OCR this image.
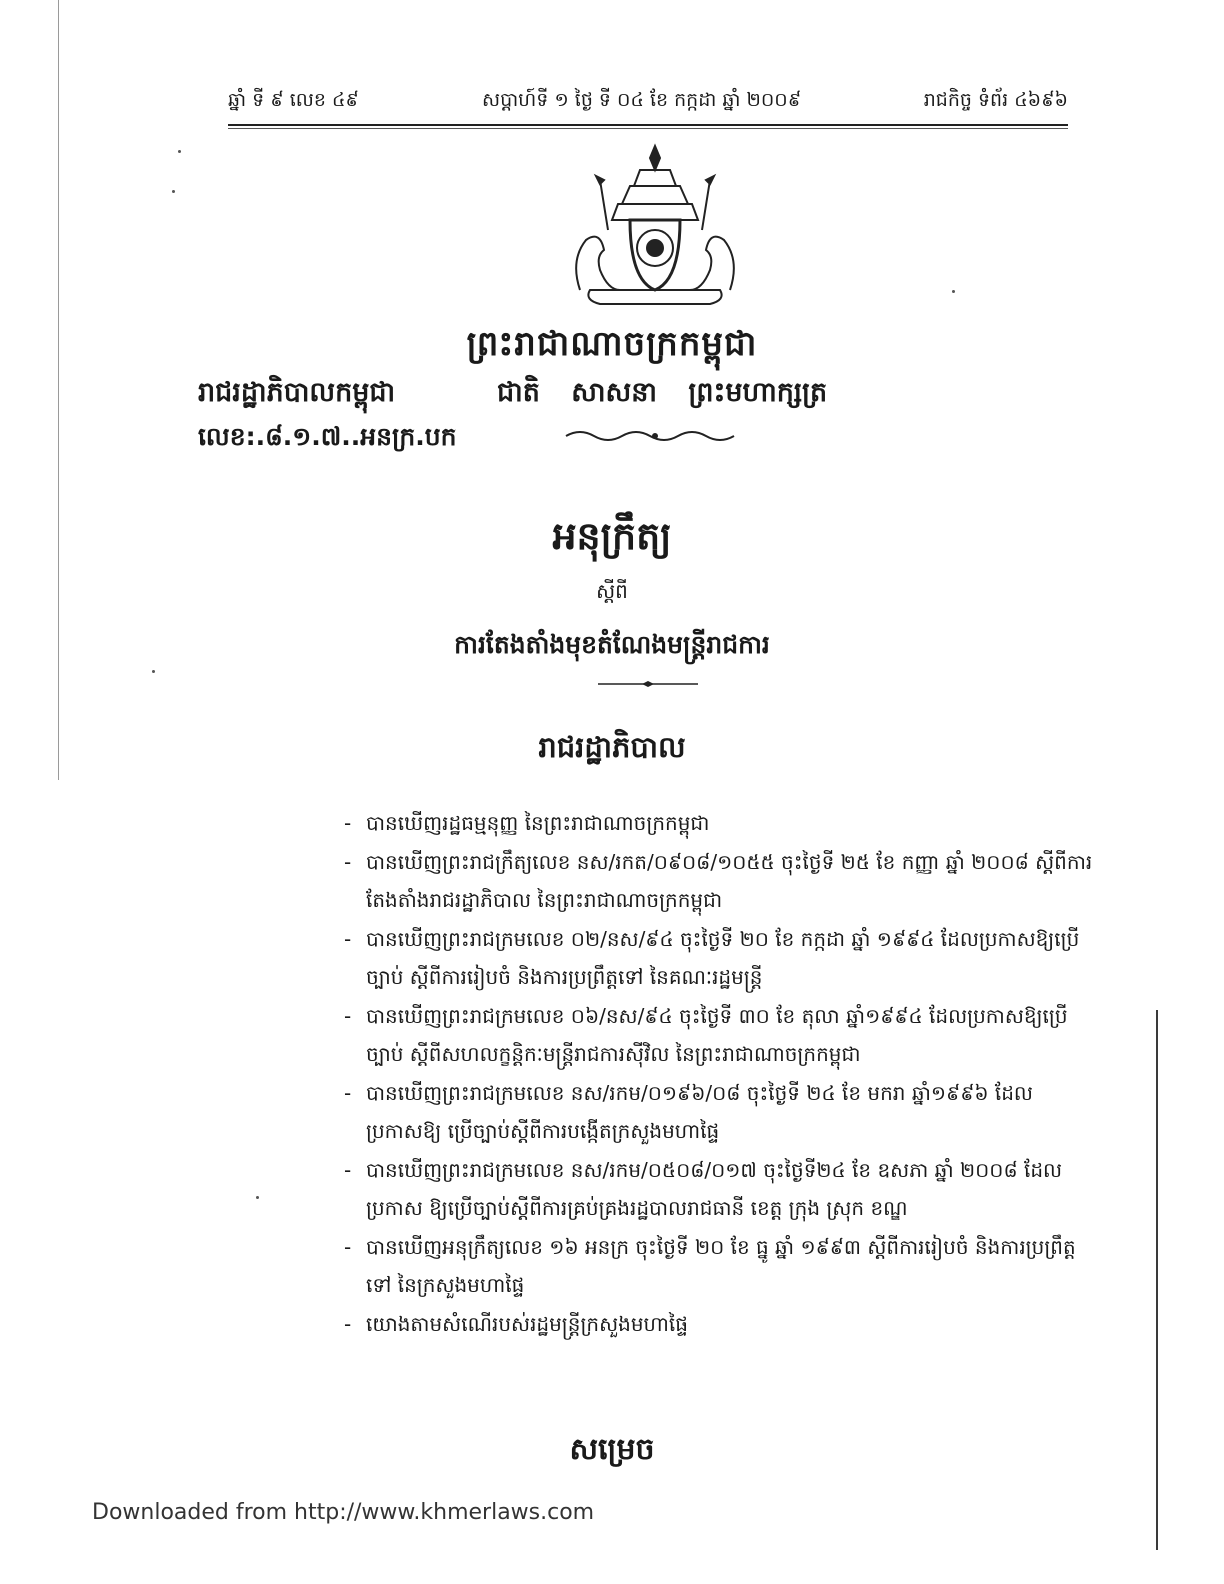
ឆ្នាំ ទី ៩ លេខ ៤៩	សប្តាហ៍ទី ១ ថ្ងៃ ទី ០៤ ខែ កក្កដា ឆ្នាំ ២០០៩	រាជកិច្ច ទំព័រ ៤៦៩៦
ព្រះរាជាណាចក្រកម្ពុជា
រាជរដ្ឋាភិបាលកម្ពុជា	ជាតិ សាសនា ព្រះមហាក្សត្រ
លេខ:.៨.១.៧..អនក្រ.បក
អនុក្រឹត្យ
ស្តីពី
ការតែងតាំងមុខតំណែងមន្ត្រីរាជការ
រាជរដ្ឋាភិបាល
- បានឃើញរដ្ឋធម្មនុញ្ញ នៃព្រះរាជាណាចក្រកម្ពុជា
- បានឃើញព្រះរាជក្រឹត្យលេខ នស/រកត/០៩០៨/១០៥៥ ចុះថ្ងៃទី ២៥ ខែ កញ្ញា ឆ្នាំ ២០០៨ ស្តីពីការ តែងតាំងរាជរដ្ឋាភិបាល នៃព្រះរាជាណាចក្រកម្ពុជា
- បានឃើញព្រះរាជក្រមលេខ ០២/នស/៩៤ ចុះថ្ងៃទី ២០ ខែ កក្កដា ឆ្នាំ ១៩៩៤ ដែលប្រកាសឱ្យប្រើច្បាប់ ស្តីពីការរៀបចំ និងការប្រព្រឹត្តទៅ នៃគណៈរដ្ឋមន្ត្រី
- បានឃើញព្រះរាជក្រមលេខ ០៦/នស/៩៤ ចុះថ្ងៃទី ៣០ ខែ តុលា ឆ្នាំ១៩៩៤ ដែលប្រកាសឱ្យប្រើច្បាប់ ស្តីពីសហលក្ខន្តិកៈមន្ត្រីរាជការស៊ីវិល នៃព្រះរាជាណាចក្រកម្ពុជា
- បានឃើញព្រះរាជក្រមលេខ នស/រកម/០១៩៦/០៨ ចុះថ្ងៃទី ២៤ ខែ មករា ឆ្នាំ១៩៩៦ ដែលប្រកាសឱ្យ ប្រើច្បាប់ស្តីពីការបង្កើតក្រសួងមហាផ្ទៃ
- បានឃើញព្រះរាជក្រមលេខ នស/រកម/០៥០៨/០១៧ ចុះថ្ងៃទី២៤ ខែ ឧសភា ឆ្នាំ ២០០៨ ដែលប្រកាស ឱ្យប្រើច្បាប់ស្តីពីការគ្រប់គ្រងរដ្ឋបាលរាជធានី ខេត្ត ក្រុង ស្រុក ខណ្ឌ
- បានឃើញអនុក្រឹត្យលេខ ១៦ អនក្រ ចុះថ្ងៃទី ២០ ខែ ធ្នូ ឆ្នាំ ១៩៩៣ ស្តីពីការរៀបចំ និងការប្រព្រឹត្តទៅ នៃក្រសួងមហាផ្ទៃ
- យោងតាមសំណើរបស់រដ្ឋមន្ត្រីក្រសួងមហាផ្ទៃ
សម្រេច
Downloaded from http://www.khmerlaws.com
